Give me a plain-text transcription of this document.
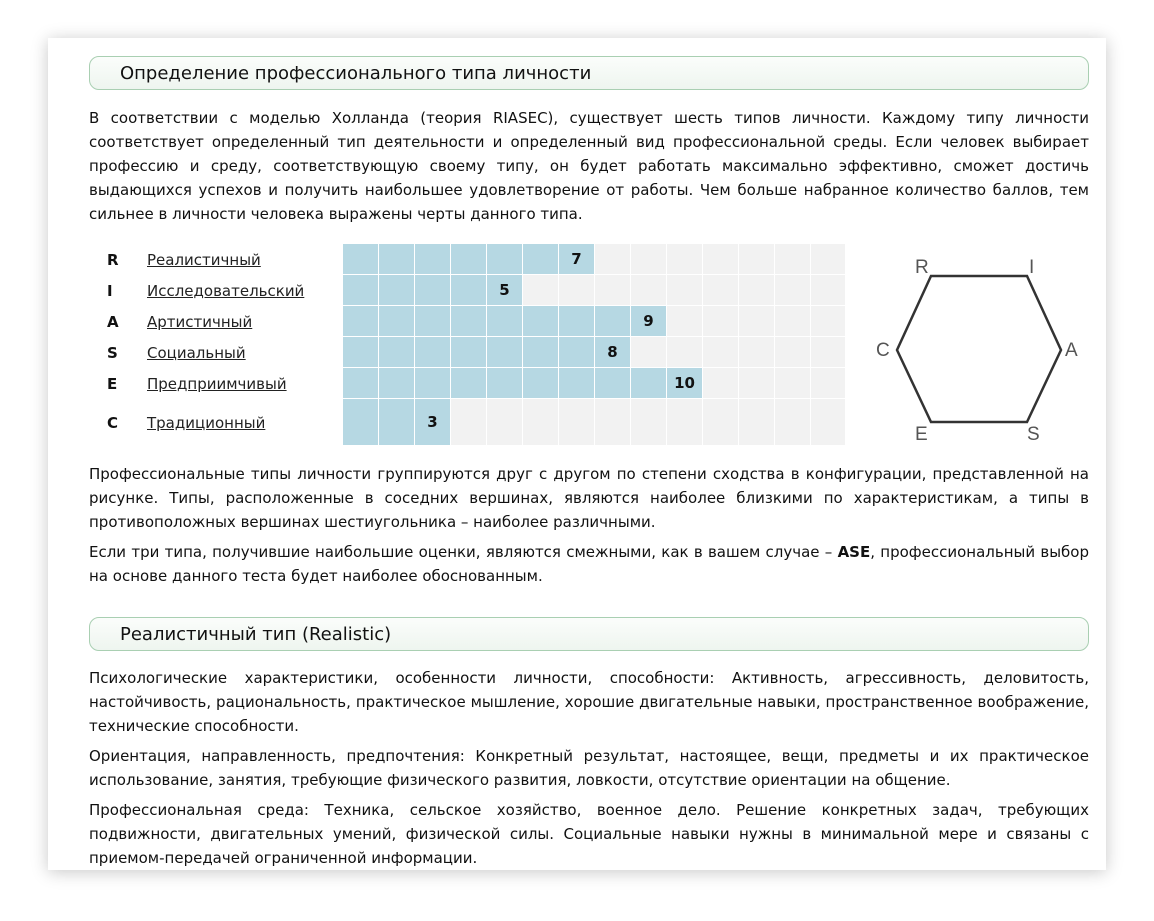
Определение профессионального типа личности

В соответствии с моделью Холланда (теория RIASEC), существует шесть типов личности. Каждому типу личности соответствует определенный тип деятельности и определенный вид профессиональной среды. Если человек выбирает профессию и среду, соответствующую своему типу, он будет работать максимально эффективно, сможет достичь выдающихся успехов и получить наибольшее удовлетворение от работы. Чем больше набранное количество баллов, тем сильнее в личности человека выражены черты данного типа.

R	I
A
S
E
C
R Реалистичный	7
I	Исследовательский	5
A Артистичный	9
S Социальный	8
E Предприимчивый	10
C Традиционный	3

Профессиональные типы личности группируются друг с другом по степени сходства в конфигурации, представленной на рисунке. Типы, расположенные в соседних вершинах, являются наиболее близкими по характеристикам, а типы в противоположных вершинах шестиугольника – наиболее различными.

Если три типа, получившие наибольшие оценки, являются смежными, как в вашем случае – ASE, профессиональный выбор на основе данного теста будет наиболее обоснованным.

Реалистичный тип (Realistic)

Психологические характеристики, особенности личности, способности: Активность, агрессивность, деловитость, настойчивость, рациональность, практическое мышление, хорошие двигательные навыки, пространственное воображение, технические способности.

Ориентация, направленность, предпочтения: Конкретный результат, настоящее, вещи, предметы и их практическое использование, занятия, требующие физического развития, ловкости, отсутствие ориентации на общение.

Профессиональная среда: Техника, сельское хозяйство, военное дело. Решение конкретных задач, требующих подвижности, двигательных умений, физической силы. Социальные навыки нужны в минимальной мере и связаны с приемом-передачей ограниченной информации.
